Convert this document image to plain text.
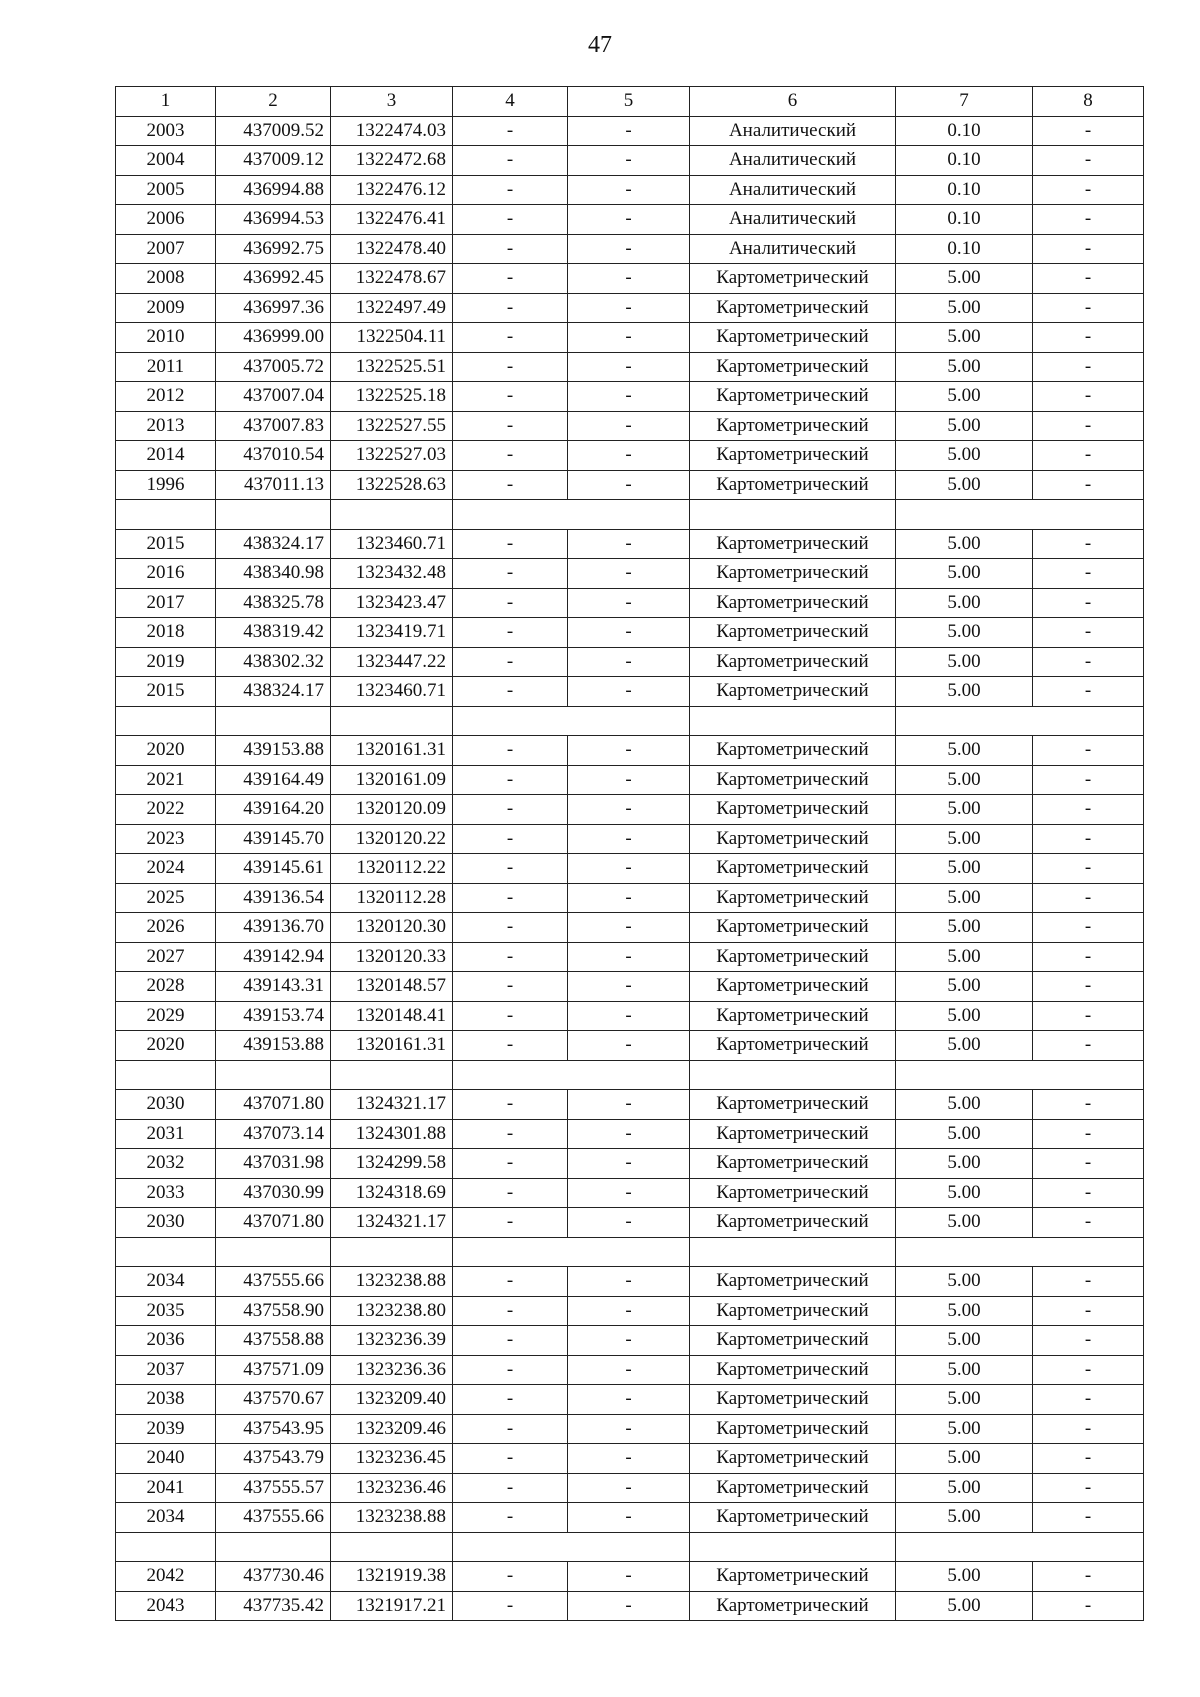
47
1	2	3	4	5	6	7	8
2003	437009.52	1322474.03	-	-	Аналитический	0.10	-
2004	437009.12	1322472.68	-	-	Аналитический	0.10	-
2005	436994.88	1322476.12	-	-	Аналитический	0.10	-
2006	436994.53	1322476.41	-	-	Аналитический	0.10	-
2007	436992.75	1322478.40	-	-	Аналитический	0.10	-
2008	436992.45	1322478.67	-	-	Картометрический	5.00	-
2009	436997.36	1322497.49	-	-	Картометрический	5.00	-
2010	436999.00	1322504.11	-	-	Картометрический	5.00	-
2011	437005.72	1322525.51	-	-	Картометрический	5.00	-
2012	437007.04	1322525.18	-	-	Картометрический	5.00	-
2013	437007.83	1322527.55	-	-	Картометрический	5.00	-
2014	437010.54	1322527.03	-	-	Картометрический	5.00	-
1996	437011.13	1322528.63	-	-	Картометрический	5.00	-

2015	438324.17	1323460.71	-	-	Картометрический	5.00	-
2016	438340.98	1323432.48	-	-	Картометрический	5.00	-
2017	438325.78	1323423.47	-	-	Картометрический	5.00	-
2018	438319.42	1323419.71	-	-	Картометрический	5.00	-
2019	438302.32	1323447.22	-	-	Картометрический	5.00	-
2015	438324.17	1323460.71	-	-	Картометрический	5.00	-

2020	439153.88	1320161.31	-	-	Картометрический	5.00	-
2021	439164.49	1320161.09	-	-	Картометрический	5.00	-
2022	439164.20	1320120.09	-	-	Картометрический	5.00	-
2023	439145.70	1320120.22	-	-	Картометрический	5.00	-
2024	439145.61	1320112.22	-	-	Картометрический	5.00	-
2025	439136.54	1320112.28	-	-	Картометрический	5.00	-
2026	439136.70	1320120.30	-	-	Картометрический	5.00	-
2027	439142.94	1320120.33	-	-	Картометрический	5.00	-
2028	439143.31	1320148.57	-	-	Картометрический	5.00	-
2029	439153.74	1320148.41	-	-	Картометрический	5.00	-
2020	439153.88	1320161.31	-	-	Картометрический	5.00	-

2030	437071.80	1324321.17	-	-	Картометрический	5.00	-
2031	437073.14	1324301.88	-	-	Картометрический	5.00	-
2032	437031.98	1324299.58	-	-	Картометрический	5.00	-
2033	437030.99	1324318.69	-	-	Картометрический	5.00	-
2030	437071.80	1324321.17	-	-	Картометрический	5.00	-

2034	437555.66	1323238.88	-	-	Картометрический	5.00	-
2035	437558.90	1323238.80	-	-	Картометрический	5.00	-
2036	437558.88	1323236.39	-	-	Картометрический	5.00	-
2037	437571.09	1323236.36	-	-	Картометрический	5.00	-
2038	437570.67	1323209.40	-	-	Картометрический	5.00	-
2039	437543.95	1323209.46	-	-	Картометрический	5.00	-
2040	437543.79	1323236.45	-	-	Картометрический	5.00	-
2041	437555.57	1323236.46	-	-	Картометрический	5.00	-
2034	437555.66	1323238.88	-	-	Картометрический	5.00	-

2042	437730.46	1321919.38	-	-	Картометрический	5.00	-
2043	437735.42	1321917.21	-	-	Картометрический	5.00	-
